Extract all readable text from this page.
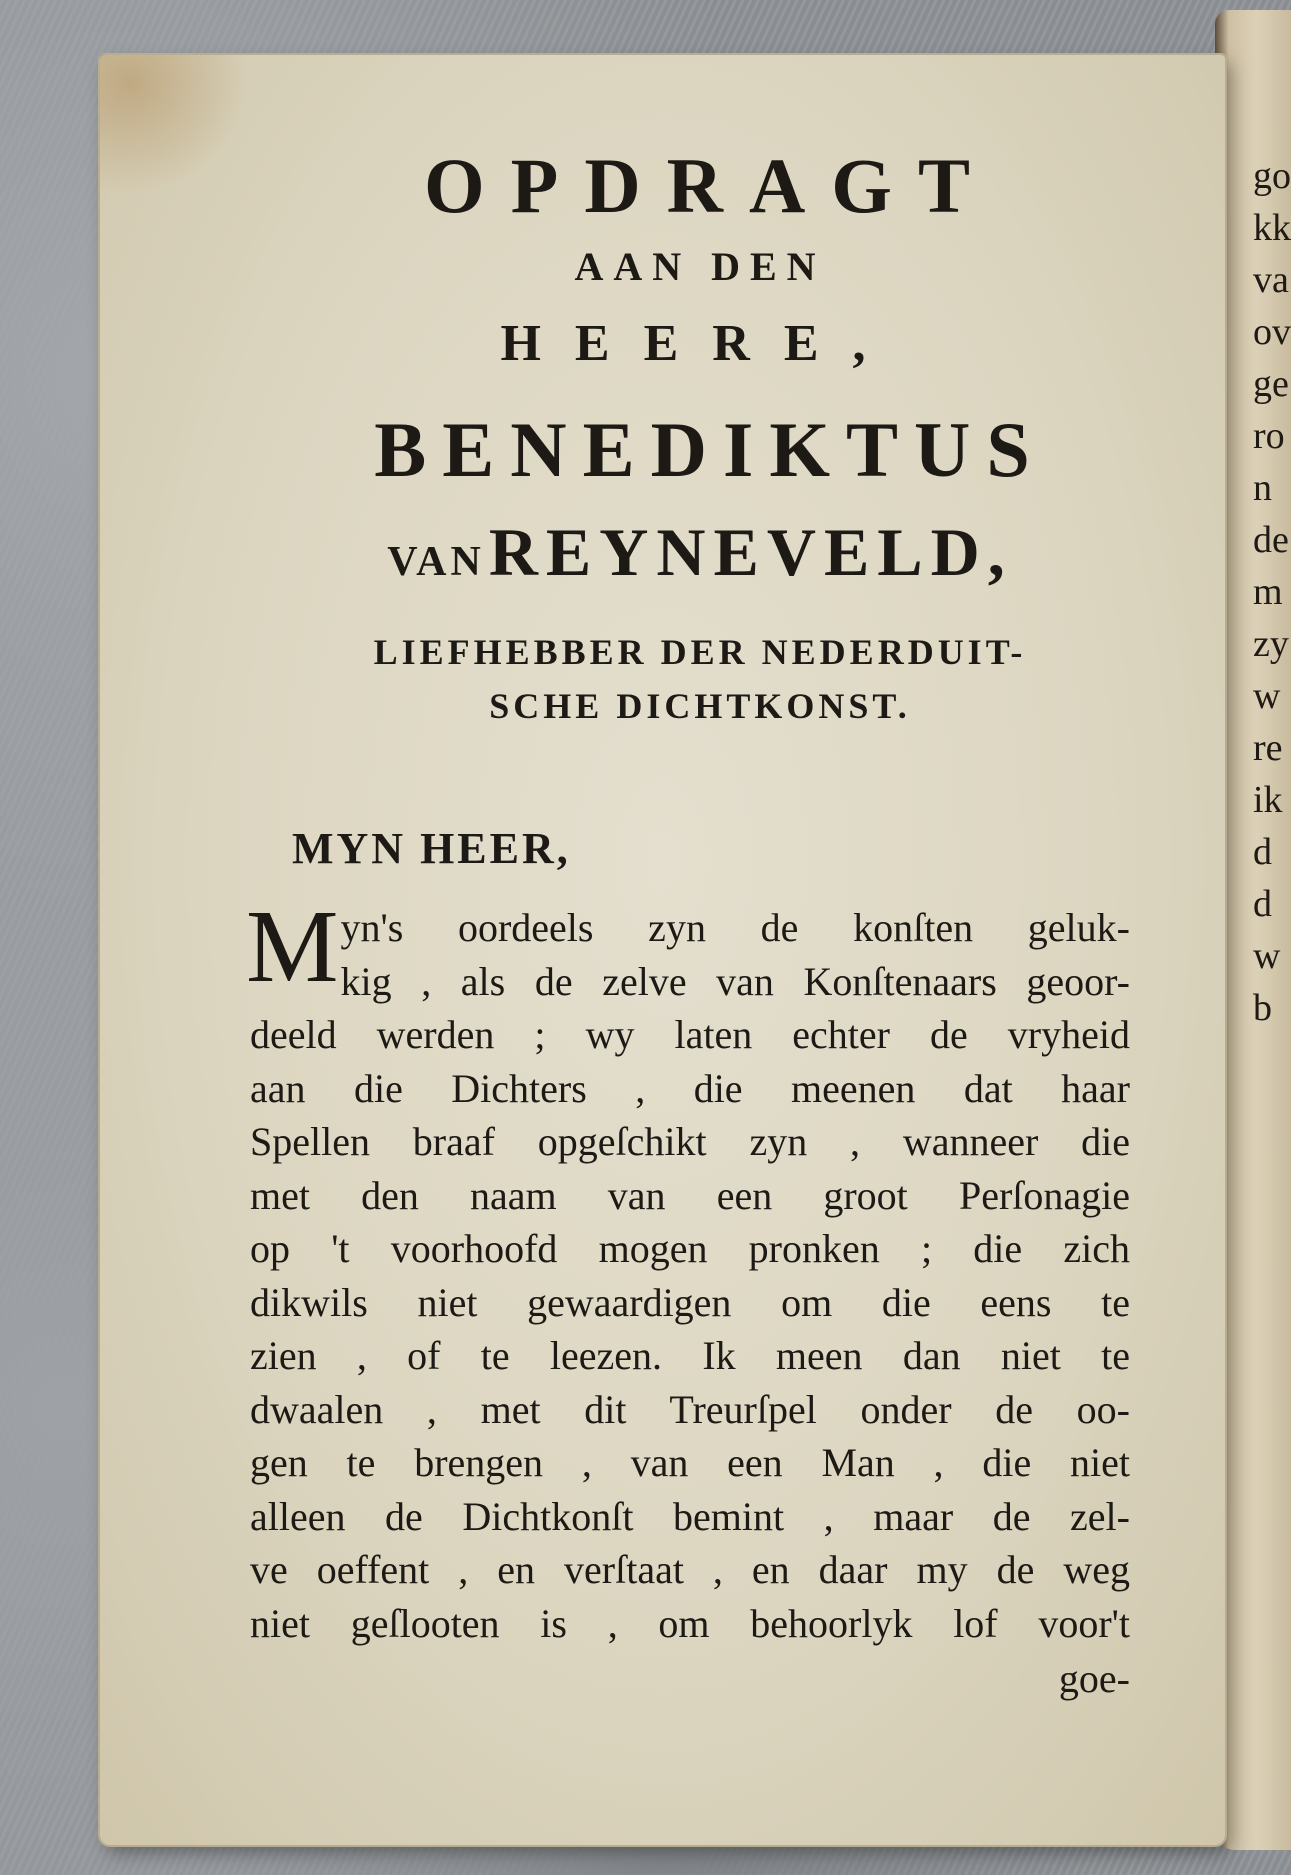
go
kk
va
ov
ge
ro
n
de
m
zy
w
re
ik
d
d
w
b

OPDRAGT

AAN DEN

HEERE,

BENEDIKTUS

VAN REYNEVELD,

LIEFHEBBER DER NEDERDUIT-

SCHE DICHTKONST.

MYN HEER,
M yn's oordeels zyn de konſten geluk-
kig , als de zelve van Konſtenaars geoor-
deeld werden ; wy laten echter de vryheid
aan die Dichters , die meenen dat haar
Spellen braaf opgeſchikt zyn , wanneer die
met den naam van een groot Perſonagie
op 't voorhoofd mogen pronken ; die zich
dikwils niet gewaardigen om die eens te
zien , of te leezen. Ik meen dan niet te
dwaalen , met dit Treurſpel onder de oo-
gen te brengen , van een Man , die niet
alleen de Dichtkonſt bemint , maar de zel-
ve oeffent , en verſtaat , en daar my de weg
niet geſlooten is , om behoorlyk lof voor't
goe-
